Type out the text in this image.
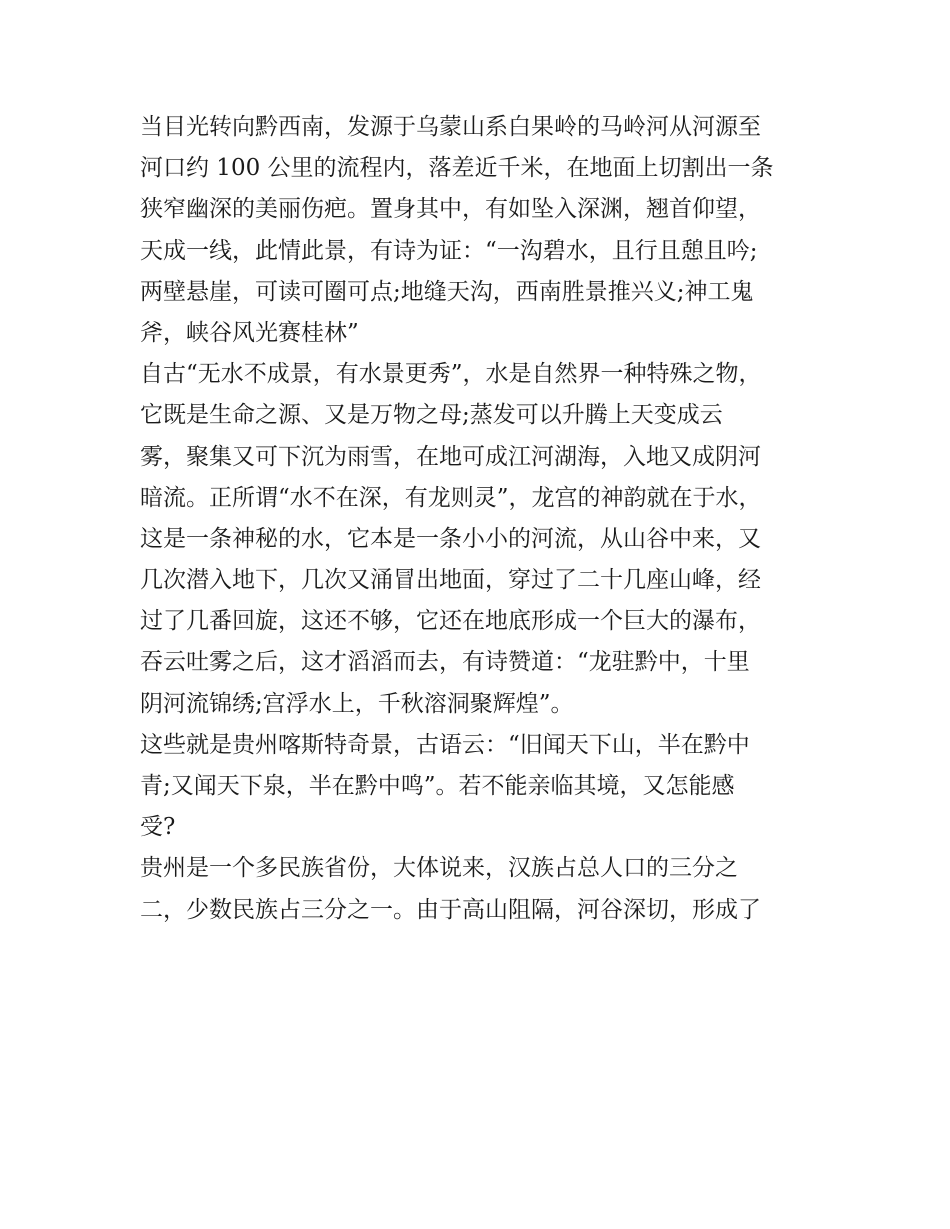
当目光转向黔西南，发源于乌蒙山系白果岭的马岭河从河源至
河口约 100 公里的流程内，落差近千米，在地面上切割出一条
狭窄幽深的美丽伤疤。置身其中，有如坠入深渊，翘首仰望，
天成一线，此情此景，有诗为证：“一沟碧水，且行且憩且吟;
两壁悬崖，可读可圈可点;地缝天沟，西南胜景推兴义;神工鬼
斧，峡谷风光赛桂林”
自古“无水不成景，有水景更秀”，水是自然界一种特殊之物，
它既是生命之源、又是万物之母;蒸发可以升腾上天变成云
雾，聚集又可下沉为雨雪，在地可成江河湖海，入地又成阴河
暗流。正所谓“水不在深，有龙则灵”，龙宫的神韵就在于水，
这是一条神秘的水，它本是一条小小的河流，从山谷中来，又
几次潜入地下，几次又涌冒出地面，穿过了二十几座山峰，经
过了几番回旋，这还不够，它还在地底形成一个巨大的瀑布，
吞云吐雾之后，这才滔滔而去，有诗赞道：“龙驻黔中，十里
阴河流锦绣;宫浮水上，千秋溶洞聚辉煌”。
这些就是贵州喀斯特奇景，古语云：“旧闻天下山，半在黔中
青;又闻天下泉，半在黔中鸣”。若不能亲临其境，又怎能感
受?
贵州是一个多民族省份，大体说来，汉族占总人口的三分之
二，少数民族占三分之一。由于高山阻隔，河谷深切，形成了
